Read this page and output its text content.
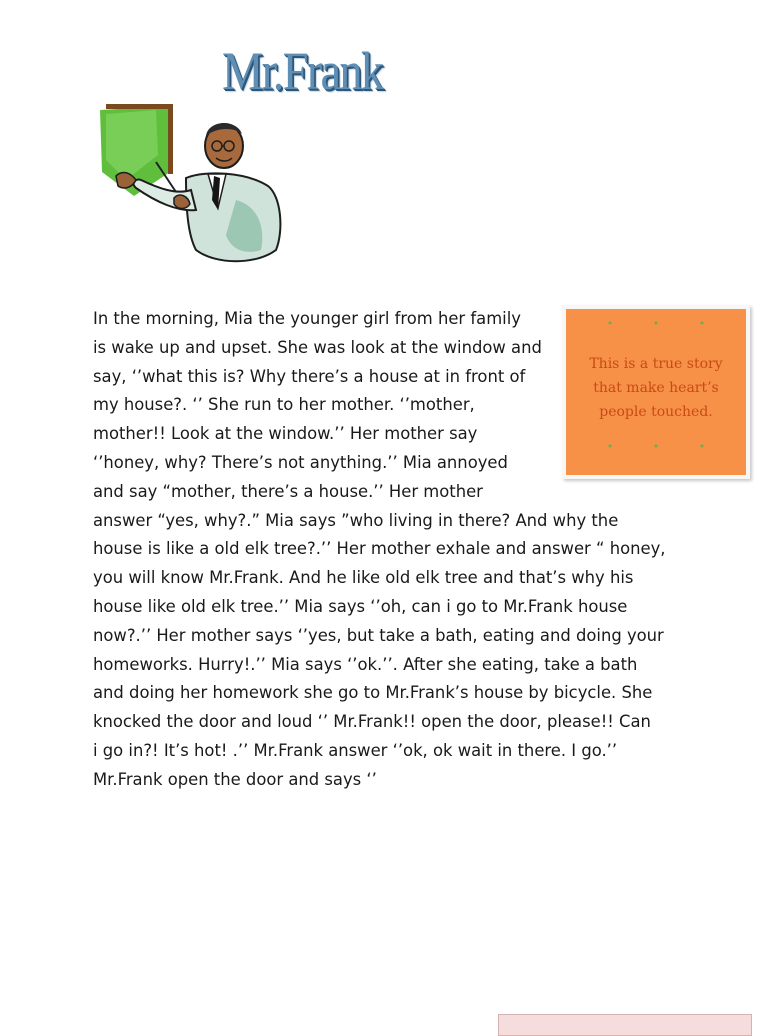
Mr.Frank
In the morning, Mia the younger girl from her family
is wake up and upset. She was look at the window and
say, ‘’what this is? Why there’s a house at in front of
my house?. ‘’ She run to her mother. ‘’mother,
mother!! Look at the window.’’ Her mother say
‘’honey, why? There’s not anything.’’ Mia annoyed
and say “mother, there’s a house.’’ Her mother
answer “yes, why?.” Mia says ”who living in there? And why the
house is like a old elk tree?.’’ Her mother exhale and answer “ honey,
you will know Mr.Frank. And he like old elk tree and that’s why his
house like old elk tree.’’ Mia says ‘’oh, can i go to Mr.Frank house
now?.’’ Her mother says ‘’yes, but take a bath, eating and doing your
homeworks. Hurry!.’’ Mia says ‘’ok.’’. After she eating, take a bath
and doing her homework she go to Mr.Frank’s house by bicycle. She
knocked the door and loud ‘’ Mr.Frank!! open the door, please!! Can
i go in?! It’s hot! .’’ Mr.Frank answer ‘’ok, ok wait in there. I go.’’
Mr.Frank open the door and says ‘’
• • •
This is a true story that make heart’s people touched.
• • •
